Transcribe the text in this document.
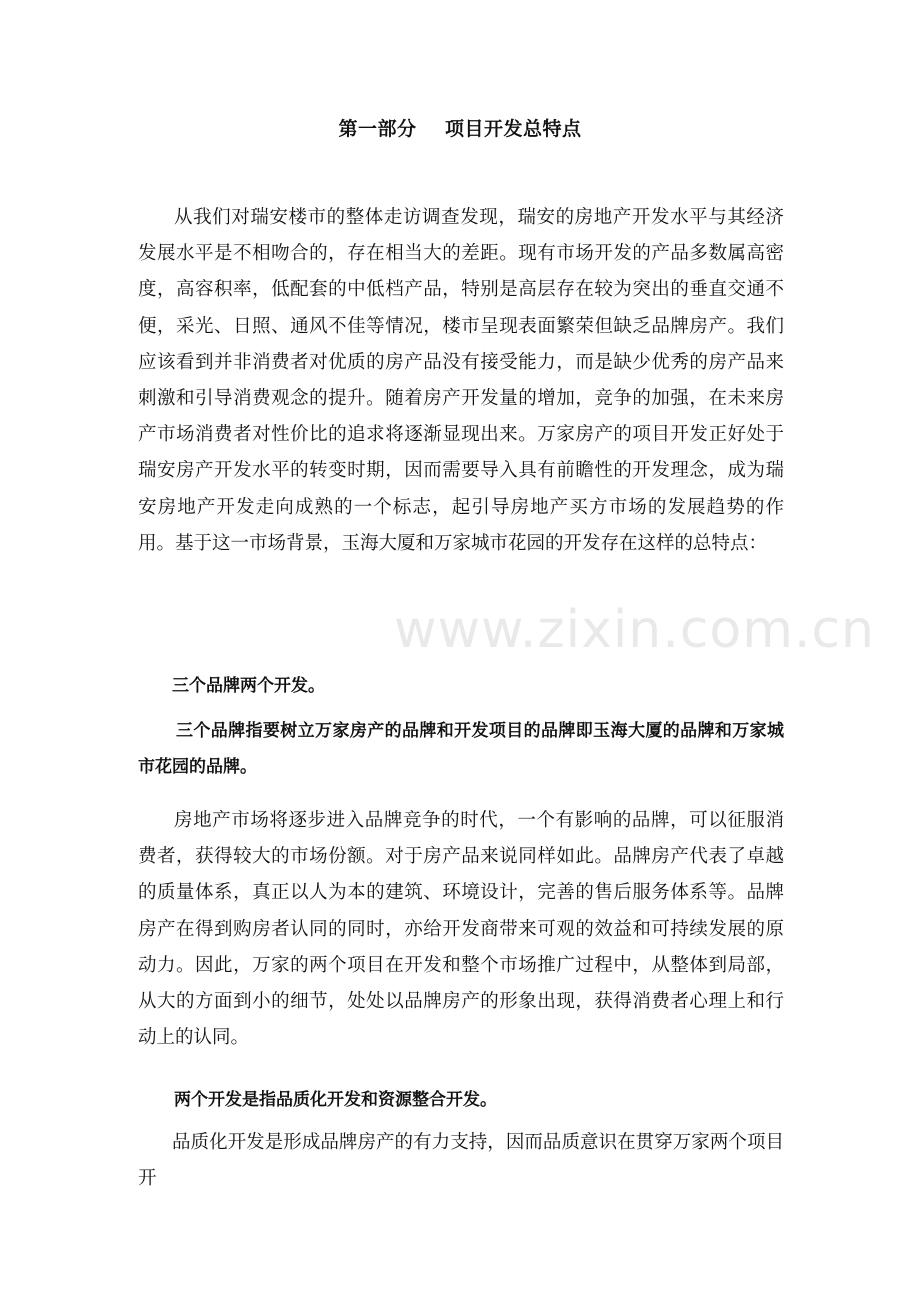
第一部分    项目开发总特点

从我们对瑞安楼市的整体走访调查发现，瑞安的房地产开发水平与其经济发展水平是不相吻合的，存在相当大的差距。现有市场开发的产品多数属高密度，高容积率，低配套的中低档产品，特别是高层存在较为突出的垂直交通不便，采光、日照、通风不佳等情况，楼市呈现表面繁荣但缺乏品牌房产。我们应该看到并非消费者对优质的房产品没有接受能力，而是缺少优秀的房产品来刺激和引导消费观念的提升。随着房产开发量的增加，竞争的加强，在未来房产市场消费者对性价比的追求将逐渐显现出来。万家房产的项目开发正好处于瑞安房产开发水平的转变时期，因而需要导入具有前瞻性的开发理念，成为瑞安房地产开发走向成熟的一个标志，起引导房地产买方市场的发展趋势的作用。基于这一市场背景，玉海大厦和万家城市花园的开发存在这样的总特点：

www.zixin.com.cn

三个品牌两个开发。

三个品牌指要树立万家房产的品牌和开发项目的品牌即玉海大厦的品牌和万家城市花园的品牌。

房地产市场将逐步进入品牌竞争的时代，一个有影响的品牌，可以征服消费者，获得较大的市场份额。对于房产品来说同样如此。品牌房产代表了卓越的质量体系，真正以人为本的建筑、环境设计，完善的售后服务体系等。品牌房产在得到购房者认同的同时，亦给开发商带来可观的效益和可持续发展的原动力。因此，万家的两个项目在开发和整个市场推广过程中，从整体到局部，从大的方面到小的细节，处处以品牌房产的形象出现，获得消费者心理上和行动上的认同。

两个开发是指品质化开发和资源整合开发。

品质化开发是形成品牌房产的有力支持，因而品质意识在贯穿万家两个项目开
